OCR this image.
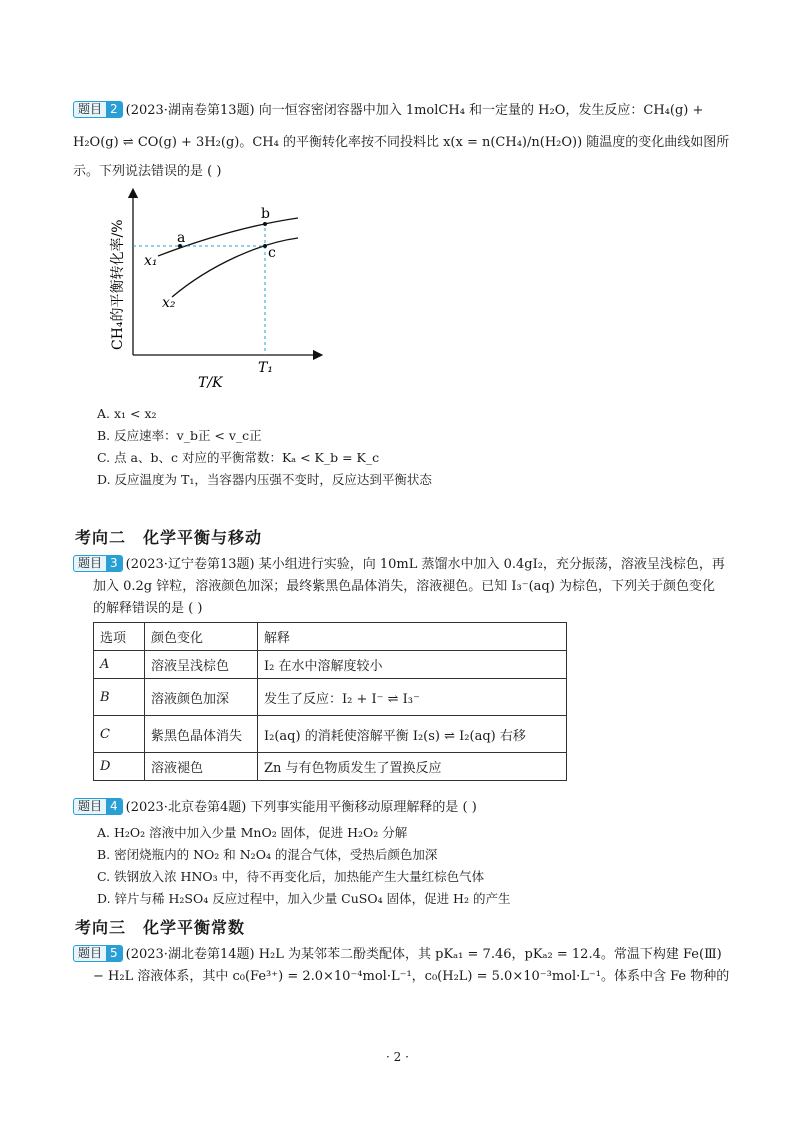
题目 2 (2023·湖南卷第13题) 向一恒容密闭容器中加入 1molCH₄ 和一定量的 H₂O，发生反应：CH₄(g) +
H₂O(g) ⇌ CO(g) + 3H₂(g)。CH₄ 的平衡转化率按不同投料比 x(x = n(CH₄)/n(H₂O)) 随温度的变化曲线如图所
示。下列说法错误的是 ( )
a
b
c
x₁
x₂
T₁
T/K
CH₄的平衡转化率/%
A. x₁ < x₂
B. 反应速率：v_b正 < v_c正
C. 点 a、b、c 对应的平衡常数：Kₐ < K_b = K_c
D. 反应温度为 T₁，当容器内压强不变时，反应达到平衡状态
考向二　化学平衡与移动
题目 3 (2023·辽宁卷第13题) 某小组进行实验，向 10mL 蒸馏水中加入 0.4gI₂，充分振荡，溶液呈浅棕色，再
加入 0.2g 锌粒，溶液颜色加深；最终紫黑色晶体消失，溶液褪色。已知 I₃⁻(aq) 为棕色，下列关于颜色变化
的解释错误的是 ( )
选项	颜色变化	解释
A	溶液呈浅棕色	I₂ 在水中溶解度较小
B	溶液颜色加深	发生了反应：I₂ + I⁻ ⇌ I₃⁻
C	紫黑色晶体消失	I₂(aq) 的消耗使溶解平衡 I₂(s) ⇌ I₂(aq) 右移
D	溶液褪色	Zn 与有色物质发生了置换反应
题目 4 (2023·北京卷第4题) 下列事实能用平衡移动原理解释的是 ( )
A. H₂O₂ 溶液中加入少量 MnO₂ 固体，促进 H₂O₂ 分解
B. 密闭烧瓶内的 NO₂ 和 N₂O₄ 的混合气体，受热后颜色加深
C. 铁钢放入浓 HNO₃ 中，待不再变化后，加热能产生大量红棕色气体
D. 锌片与稀 H₂SO₄ 反应过程中，加入少量 CuSO₄ 固体，促进 H₂ 的产生
考向三　化学平衡常数
题目 5 (2023·湖北卷第14题) H₂L 为某邻苯二酚类配体，其 pKₐ₁ = 7.46，pKₐ₂ = 12.4。常温下构建 Fe(Ⅲ)
− H₂L 溶液体系，其中 c₀(Fe³⁺) = 2.0×10⁻⁴mol·L⁻¹，c₀(H₂L) = 5.0×10⁻³mol·L⁻¹。体系中含 Fe 物种的
· 2 ·
